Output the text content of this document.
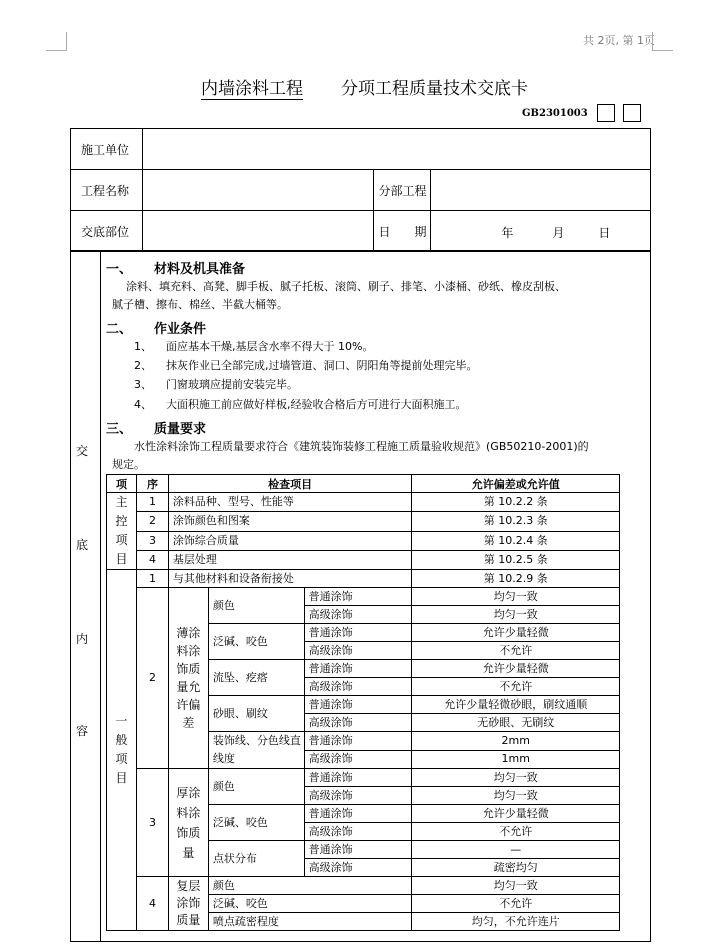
共 2页, 第 1页
内墙涂料工程 分项工程质量技术交底卡
GB2301003
施工单位			
工程名称		分部工程	
交底部位		日　　期	年 月 日
交
底
内
容
一、 材料及机具准备
涂料、填充料、高凳、脚手板、腻子托板、滚筒、刷子、排笔、小漆桶、砂纸、橡皮刮板、
腻子槽、擦布、棉丝、半截大桶等。
二、 作业条件
1、 面应基本干燥,基层含水率不得大于 10%。
2、 抹灰作业已全部完成,过墙管道、洞口、阴阳角等提前处理完毕。
3、 门窗玻璃应提前安装完毕。
4、 大面积施工前应做好样板,经验收合格后方可进行大面积施工。
三、 质量要求
水性涂料涂饰工程质量要求符合《建筑装饰装修工程施工质量验收规范》(GB50210-2001)的
规定。
项	序	检查项目			允许偏差或允许值
主控项目	1	涂料品种、型号、性能等			第 10.2.2 条
	2	涂饰颜色和图案			第 10.2.3 条
	3	涂饰综合质量			第 10.2.4 条
	4	基层处理			第 10.2.5 条
一般项目	1	与其他材料和设备衔接处			第 10.2.9 条
	2	薄涂料涂饰质量允许偏差	颜色	普通涂饰	均匀一致
				高级涂饰	均匀一致
			泛碱、咬色	普通涂饰	允许少量轻微
				高级涂饰	不允许
			流坠、疙瘩	普通涂饰	允许少量轻微
				高级涂饰	不允许
			砂眼、刷纹	普通涂饰	允许少量轻微砂眼，刷纹通顺
				高级涂饰	无砂眼、无刷纹
			装饰线、分色线直线度	普通涂饰	2mm
				高级涂饰	1mm
	3	厚涂料涂饰质量	颜色	普通涂饰	均匀一致
				高级涂饰	均匀一致
			泛碱、咬色	普通涂饰	允许少量轻微
				高级涂饰	不允许
			点状分布	普通涂饰	—
				高级涂饰	疏密均匀
	4	复层涂饰质量	颜色		均匀一致
			泛碱、咬色		不允许
			喷点疏密程度		均匀，不允许连片
